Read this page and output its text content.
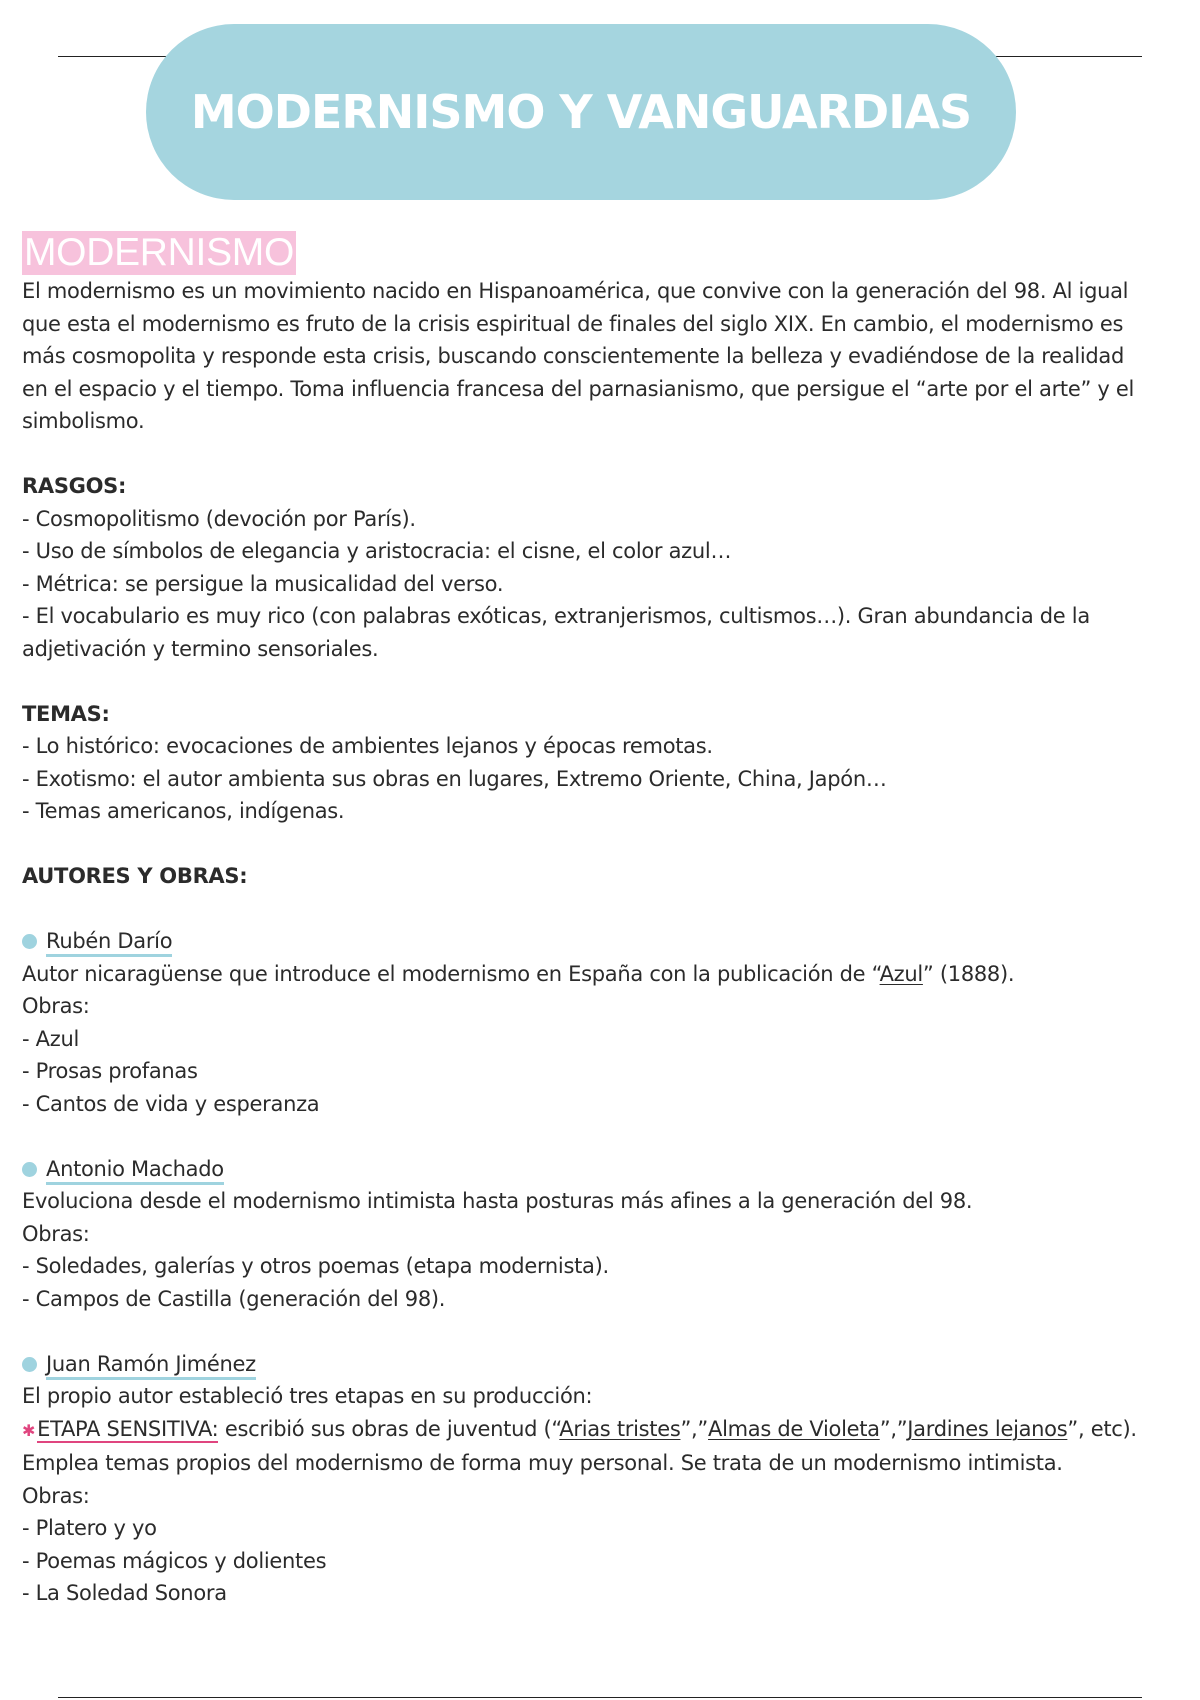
MODERNISMO Y VANGUARDIAS
MODERNISMO

El modernismo es un movimiento nacido en Hispanoamérica, que convive con la generación del 98. Al igual que esta el modernismo es fruto de la crisis espiritual de finales del siglo XIX. En cambio, el modernismo es más cosmopolita y responde esta crisis, buscando conscientemente la belleza y evadiéndose de la realidad en el espacio y el tiempo. Toma influencia francesa del parnasianismo, que persigue el “arte por el arte” y el simbolismo.

RASGOS:

- Cosmopolitismo (devoción por París).

- Uso de símbolos de elegancia y aristocracia: el cisne, el color azul…

- Métrica: se persigue la musicalidad del verso.

- El vocabulario es muy rico (con palabras exóticas, extranjerismos, cultismos…). Gran abundancia de la adjetivación y termino sensoriales.

TEMAS:

- Lo histórico: evocaciones de ambientes lejanos y épocas remotas.

- Exotismo: el autor ambienta sus obras en lugares, Extremo Oriente, China, Japón…

- Temas americanos, indígenas.

AUTORES Y OBRAS:

Rubén Darío

Autor nicaragüense que introduce el modernismo en España con la publicación de “Azul” (1888).

Obras:

- Azul

- Prosas profanas

- Cantos de vida y esperanza

Antonio Machado

Evoluciona desde el modernismo intimista hasta posturas más afines a la generación del 98.

Obras:

- Soledades, galerías y otros poemas (etapa modernista).

- Campos de Castilla (generación del 98).

Juan Ramón Jiménez

El propio autor estableció tres etapas en su producción:

✱ETAPA SENSITIVA: escribió sus obras de juventud (“Arias tristes”,”Almas de Violeta”,”Jardines lejanos”, etc). Emplea temas propios del modernismo de forma muy personal. Se trata de un modernismo intimista.

Obras:

- Platero y yo

- Poemas mágicos y dolientes

- La Soledad Sonora
